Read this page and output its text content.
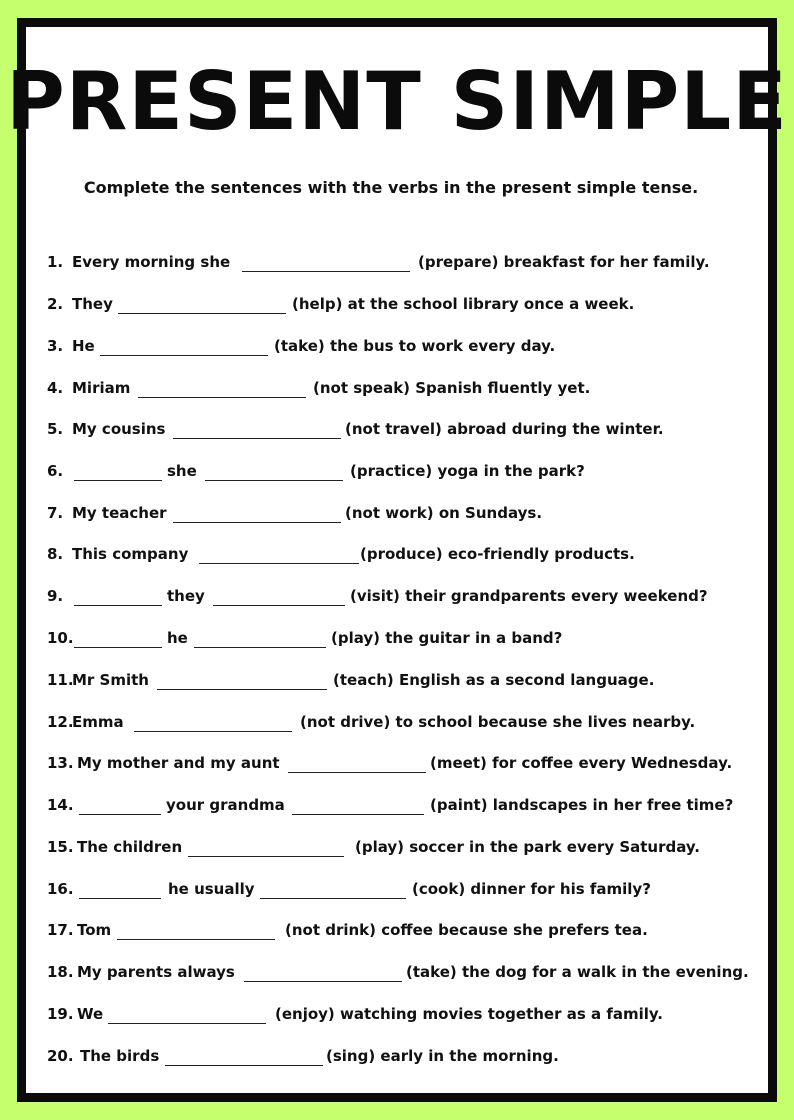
PRESENT SIMPLE
Complete the sentences with the verbs in the present simple tense.
1. Every morning she	(prepare) breakfast for her family.
2. They	(help) at the school library once a week.
3. He	(take) the bus to work every day.
4. Miriam	(not speak) Spanish fluently yet.
5. My cousins	(not travel) abroad during the winter.
6.	she	(practice) yoga in the park?
7. My teacher	(not work) on Sundays.
8. This company	(produce) eco-friendly products.
9.	they	(visit) their grandparents every weekend?
10.	he	(play) the guitar in a band?
11.
Mr Smith	(teach) English as a second language.
12.
Emma	(not drive) to school because she lives nearby.
13. My mother and my aunt	(meet) for coffee every Wednesday.
14.	your grandma	(paint) landscapes in her free time?
15. The children	(play) soccer in the park every Saturday.
16.	he usually	(cook) dinner for his family?
17. Tom	(not drink) coffee because she prefers tea.
18. My parents always	(take) the dog for a walk in the evening.
19. We	(enjoy) watching movies together as a family.
20. The birds	(sing) early in the morning.
